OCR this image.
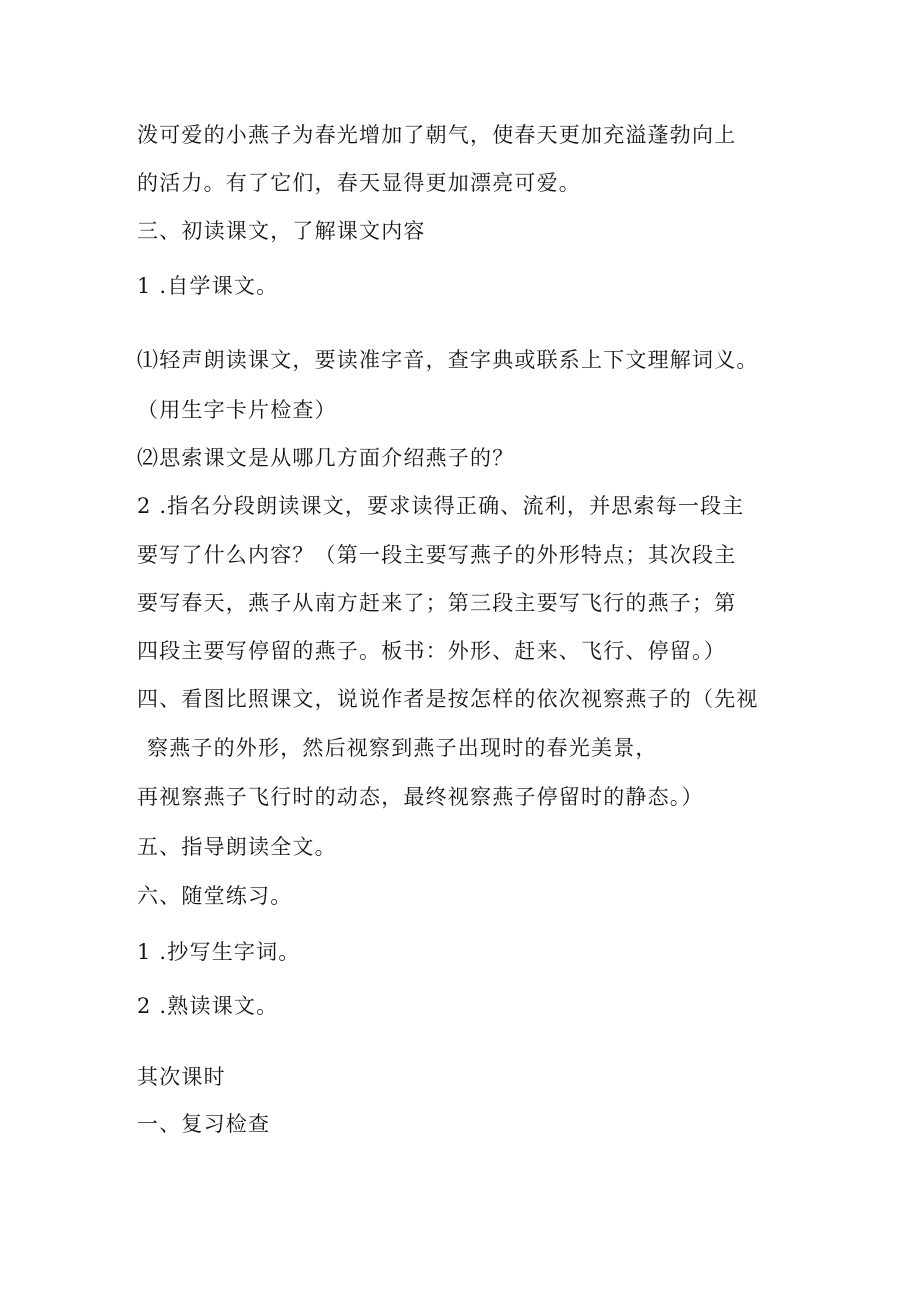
泼可爱的小燕子为春光增加了朝气，使春天更加充溢蓬勃向上
的活力。有了它们，春天显得更加漂亮可爱。
三、初读课文，了解课文内容
1 .自学课文。
⑴轻声朗读课文，要读准字音，查字典或联系上下文理解词义。
（用生字卡片检查）
⑵思索课文是从哪几方面介绍燕子的？
2 .指名分段朗读课文，要求读得正确、流利，并思索每一段主
要写了什么内容？（第一段主要写燕子的外形特点；其次段主
要写春天，燕子从南方赶来了；第三段主要写飞行的燕子；第
四段主要写停留的燕子。板书：外形、赶来、飞行、停留。）
四、看图比照课文，说说作者是按怎样的依次视察燕子的（先视
察燕子的外形，然后视察到燕子出现时的春光美景，
再视察燕子飞行时的动态，最终视察燕子停留时的静态。）
五、指导朗读全文。
六、随堂练习。
1 .抄写生字词。
2 .熟读课文。
其次课时
一、复习检查
